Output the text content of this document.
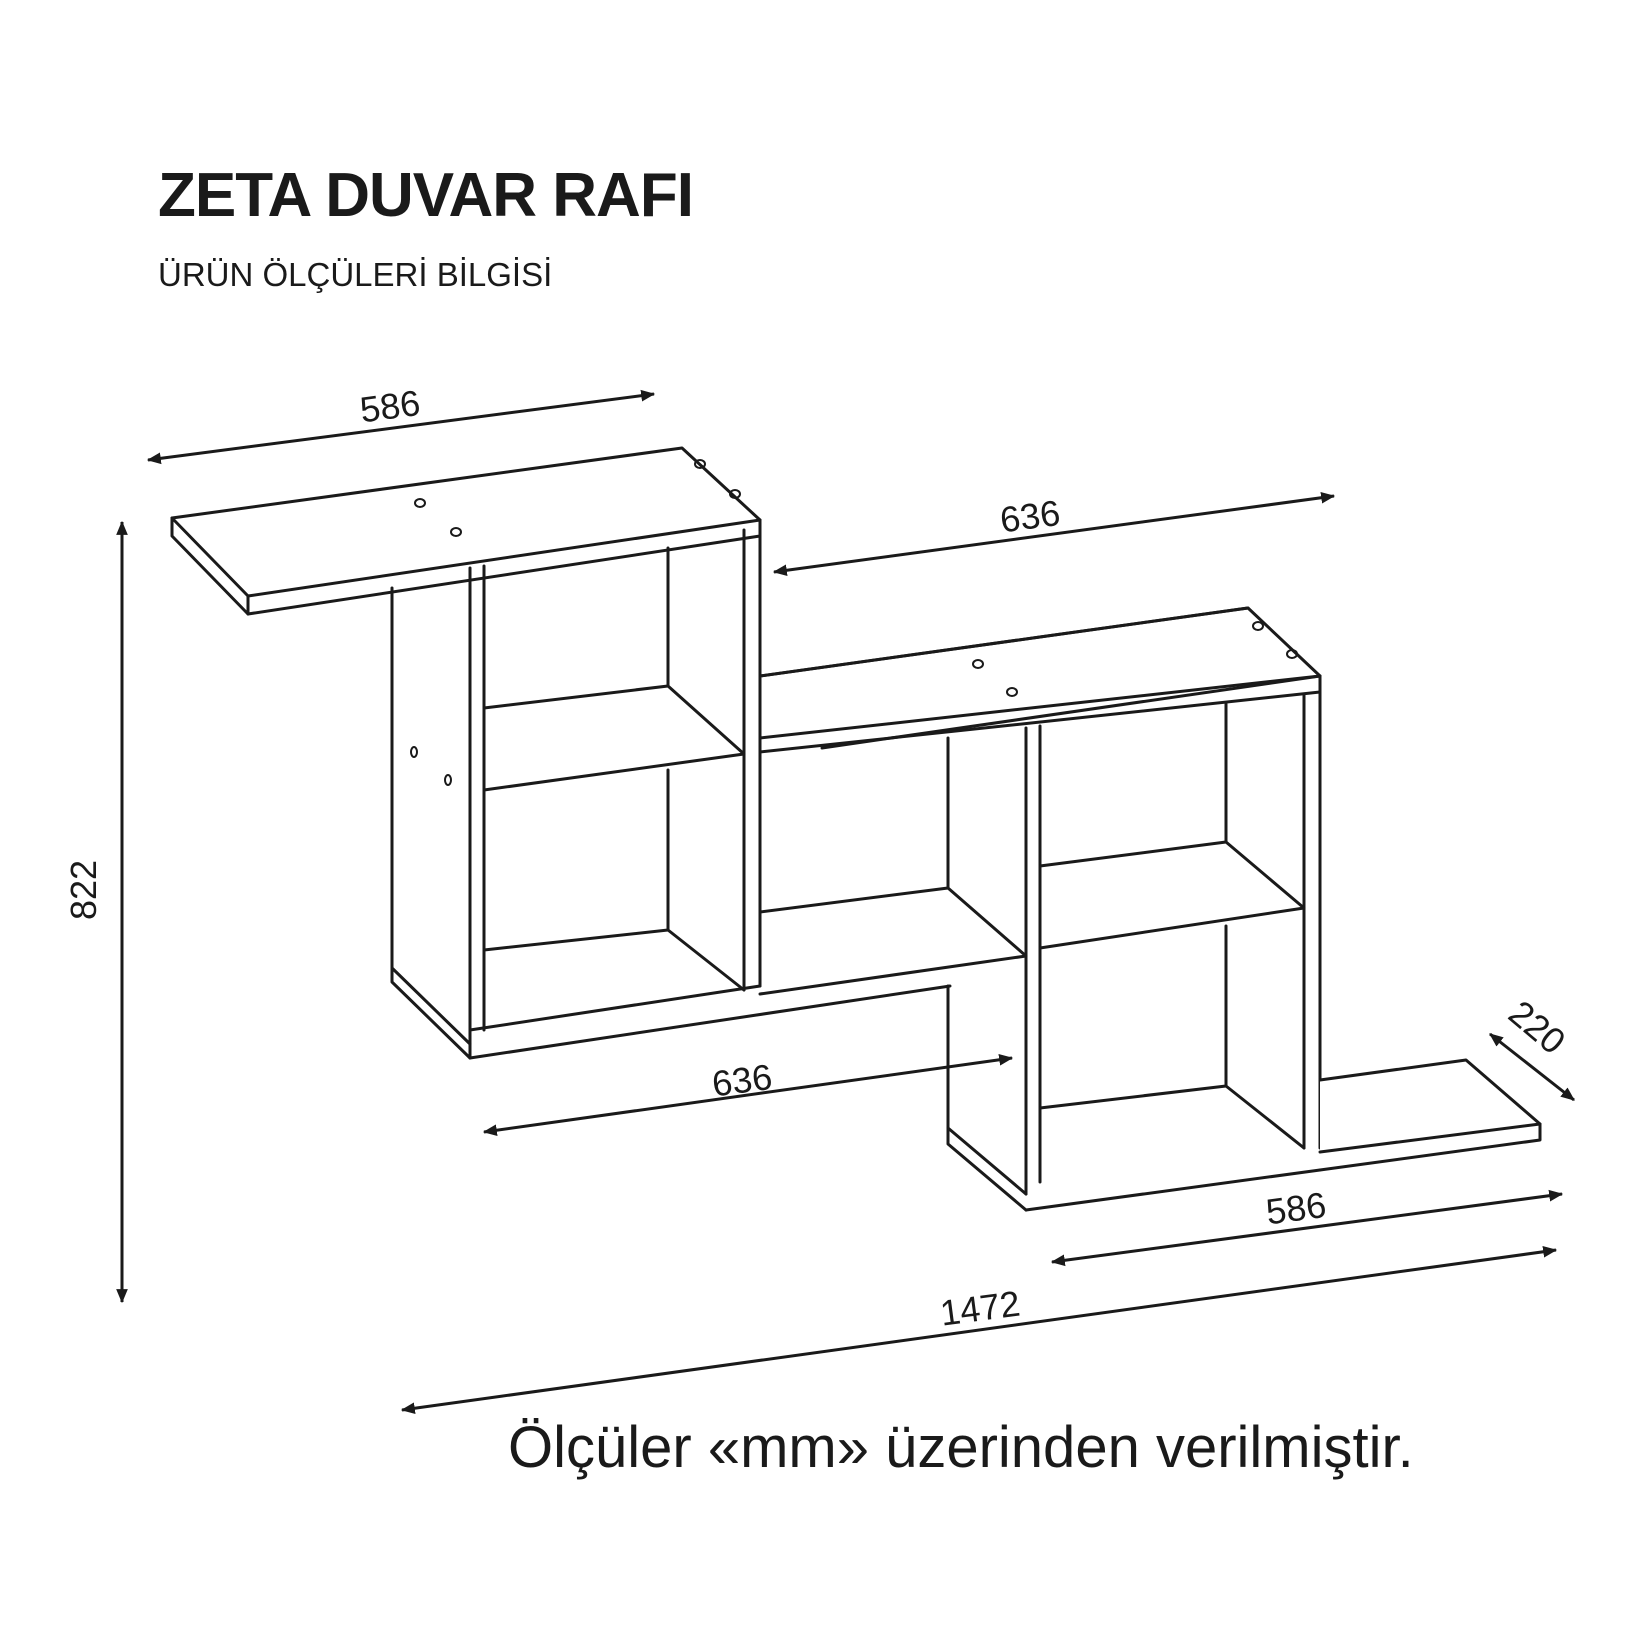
ZETA DUVAR RAFI
ÜRÜN ÖLÇÜLERİ BİLGİSİ
586
636
636
586
1472
822
220
Ölçüler «mm» üzerinden verilmiştir.
